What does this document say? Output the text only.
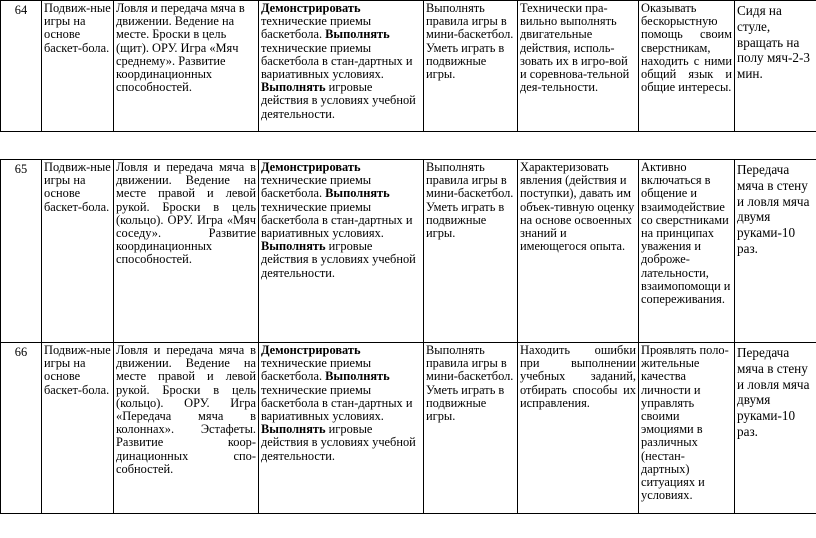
64	Подвиж-ные игры на основе баскет-бола.	Ловля и передача мяча в движении. Ведение на месте. Броски в цель (щит). ОРУ. Игра «Мяч среднему». Развитие координационных способностей.	Демонстрировать технические приемы баскетбола. Выполнять технические приемы баскетбола в стан-дартных и вариативных условиях. Выполнять игровые действия в условиях учебной деятельности.	Выполнять правила игры в мини-баскетбол. Уметь играть в подвижные игры.	Технически пра-вильно выполнять двигательные действия, исполь-зовать их в игро-вой и соревнова-тельной дея-тельности.	Оказывать бескорыстную помощь своим сверстникам, находить с ними общий язык и общие интересы.	Сидя на стуле, вращать на полу мяч-2-3 мин.
65	Подвиж-ные игры на основе баскет-бола.	Ловля и передача мяча в движении. Ведение на месте правой и левой рукой. Броски в цель (кольцо). ОРУ. Игра «Мяч соседу». Развитие координационных способностей.	Демонстрировать технические приемы баскетбола. Выполнять технические приемы баскетбола в стан-дартных и вариативных условиях. Выполнять игровые действия в условиях учебной деятельности.	Выполнять правила игры в мини-баскетбол. Уметь играть в подвижные игры.	Характеризовать явления (действия и поступки), давать им объек-тивную оценку на основе освоенных знаний и имеющегося опыта.	Активно включаться в общение и взаимодействие со сверстниками на принципах уважения и доброже-лательности, взаимопомощи и сопереживания.	Передача мяча в стену и ловля мяча двумя руками-10 раз.
66	Подвиж-ные игры на основе баскет-бола.	Ловля и передача мяча в движении. Ведение на месте правой и левой рукой. Броски в цель (кольцо). ОРУ. Игра «Передача мяча в колоннах». Эстафеты. Развитие коор-динационных спо-собностей.	Демонстрировать технические приемы баскетбола. Выполнять технические приемы баскетбола в стан-дартных и вариативных условиях. Выполнять игровые действия в условиях учебной деятельности.	Выполнять правила игры в мини-баскетбол. Уметь играть в подвижные игры.	Находить ошибки при выполнении учебных заданий, отбирать способы их исправления.	Проявлять поло-жительные качества личности и управлять своими эмоциями в различных (нестан-дартных) ситуациях и условиях.	Передача мяча в стену и ловля мяча двумя руками-10 раз.
